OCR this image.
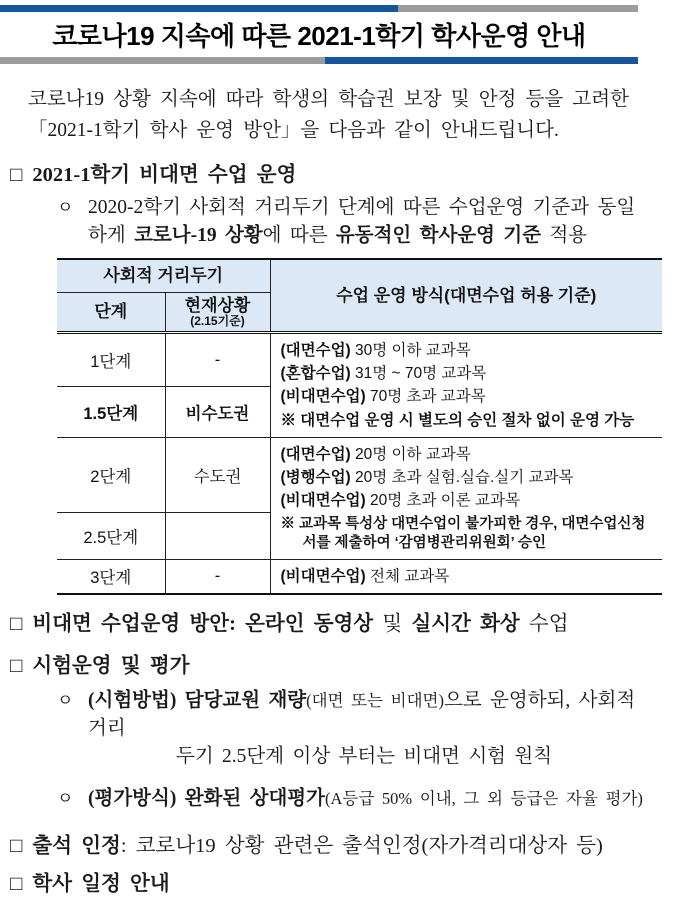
코로나19 지속에 따른 2021-1학기 학사운영 안내
코로나19 상황 지속에 따라 학생의 학습권 보장 및 안정 등을 고려한
「2021-1학기 학사 운영 방안」을 다음과 같이 안내드립니다.
□ 2021-1학기 비대면 수업 운영
ㅇ 2020-2학기 사회적 거리두기 단계에 따른 수업운영 기준과 동일
하게 코로나-19 상황에 따른 유동적인 학사운영 기준 적용
사회적 거리두기		수업 운영 방식(대면수업 허용 기준)
단계	현재상황
(2.15기준)	

1단계	-	(대면수업) 30명 이하 교과목
(혼합수업) 31명 ~ 70명 교과목
(비대면수업) 70명 초과 교과목
※ 대면수업 운영 시 별도의 승인 절차 없이 운영 가능

1.5단계	비수도권	
2단계	수도권	(대면수업) 20명 이하 교과목
(병행수업) 20명 초과 실험.실습.실기 교과목
(비대면수업) 20명 초과 이론 교과목
※ 교과목 특성상 대면수업이 불가피한 경우, 대면수업신청서를 제출하여 ‘감염병관리위원회’ 승인

2.5단계		
3단계	-	(비대면수업) 전체 교과목
□ 비대면 수업운영 방안: 온라인 동영상 및 실시간 화상 수업
□ 시험운영 및 평가
ㅇ (시험방법) 담당교원 재량(대면 또는 비대면)으로 운영하되, 사회적 거리
두기 2.5단계 이상 부터는 비대면 시험 원칙
ㅇ (평가방식) 완화된 상대평가(A등급 50% 이내, 그 외 등급은 자율 평가)
□ 출석 인정: 코로나19 상황 관련은 출석인정(자가격리대상자 등)
□ 학사 일정 안내
